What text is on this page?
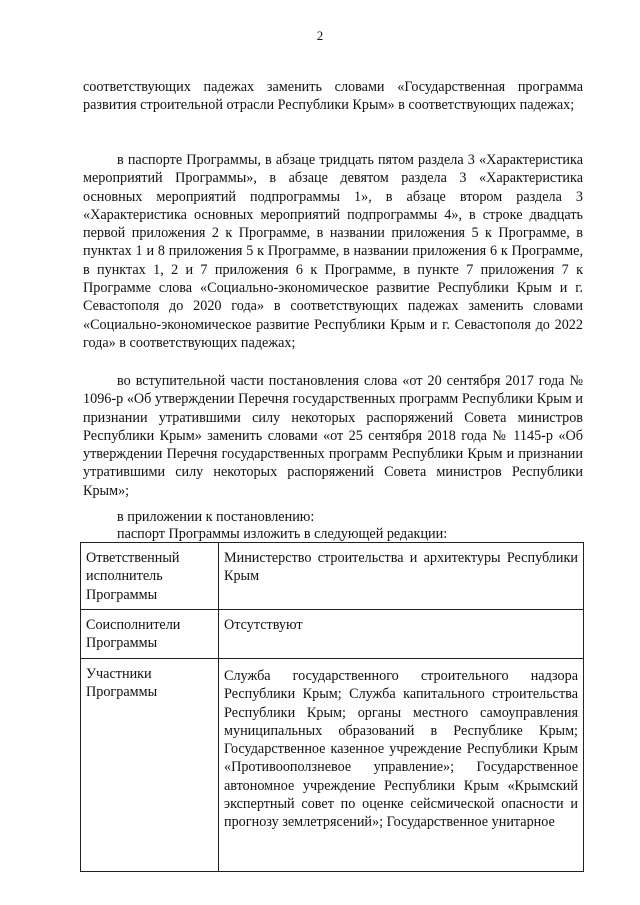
2

соответствующих падежах заменить словами «Государственная программа развития строительной отрасли Республики Крым» в соответствующих падежах;

в паспорте Программы, в абзаце тридцать пятом раздела 3 «Характеристика мероприятий Программы», в абзаце девятом раздела 3 «Характеристика основных мероприятий подпрограммы 1», в абзаце втором раздела 3 «Характеристика основных мероприятий подпрограммы 4», в строке двадцать первой приложения 2 к Программе, в названии приложения 5 к Программе, в пунктах 1 и 8 приложения 5 к Программе, в названии приложения 6 к Программе, в пунктах 1, 2 и 7 приложения 6 к Программе, в пункте 7 приложения 7 к Программе слова «Социально-экономическое развитие Республики Крым и г. Севастополя до 2020 года» в соответствующих падежах заменить словами «Социально-экономическое развитие Республики Крым и г. Севастополя до 2022 года» в соответствующих падежах;

во вступительной части постановления слова «от 20 сентября 2017 года № 1096-р «Об утверждении Перечня государственных программ Республики Крым и признании утратившими силу некоторых распоряжений Совета министров Республики Крым» заменить словами «от 25 сентября 2018 года № 1145-р «Об утверждении Перечня государственных программ Республики Крым и признании утратившими силу некоторых распоряжений Совета министров Республики Крым»;

в приложении к постановлению:

паспорт Программы изложить в следующей редакции:

Ответственный исполнитель Программы	Министерство строительства и архитектуры Республики Крым
Соисполнители Программы	Отсутствуют
Участники Программы	Служба государственного строительного надзора Республики Крым; Служба капитального строительства Республики Крым; органы местного самоуправления муниципальных образований в Республике Крым; Государственное казенное учреждение Республики Крым «Противооползневое управление»; Государственное автономное учреждение Республики Крым «Крымский экспертный совет по оценке сейсмической опасности и прогнозу землетрясений»; Государственное унитарное
